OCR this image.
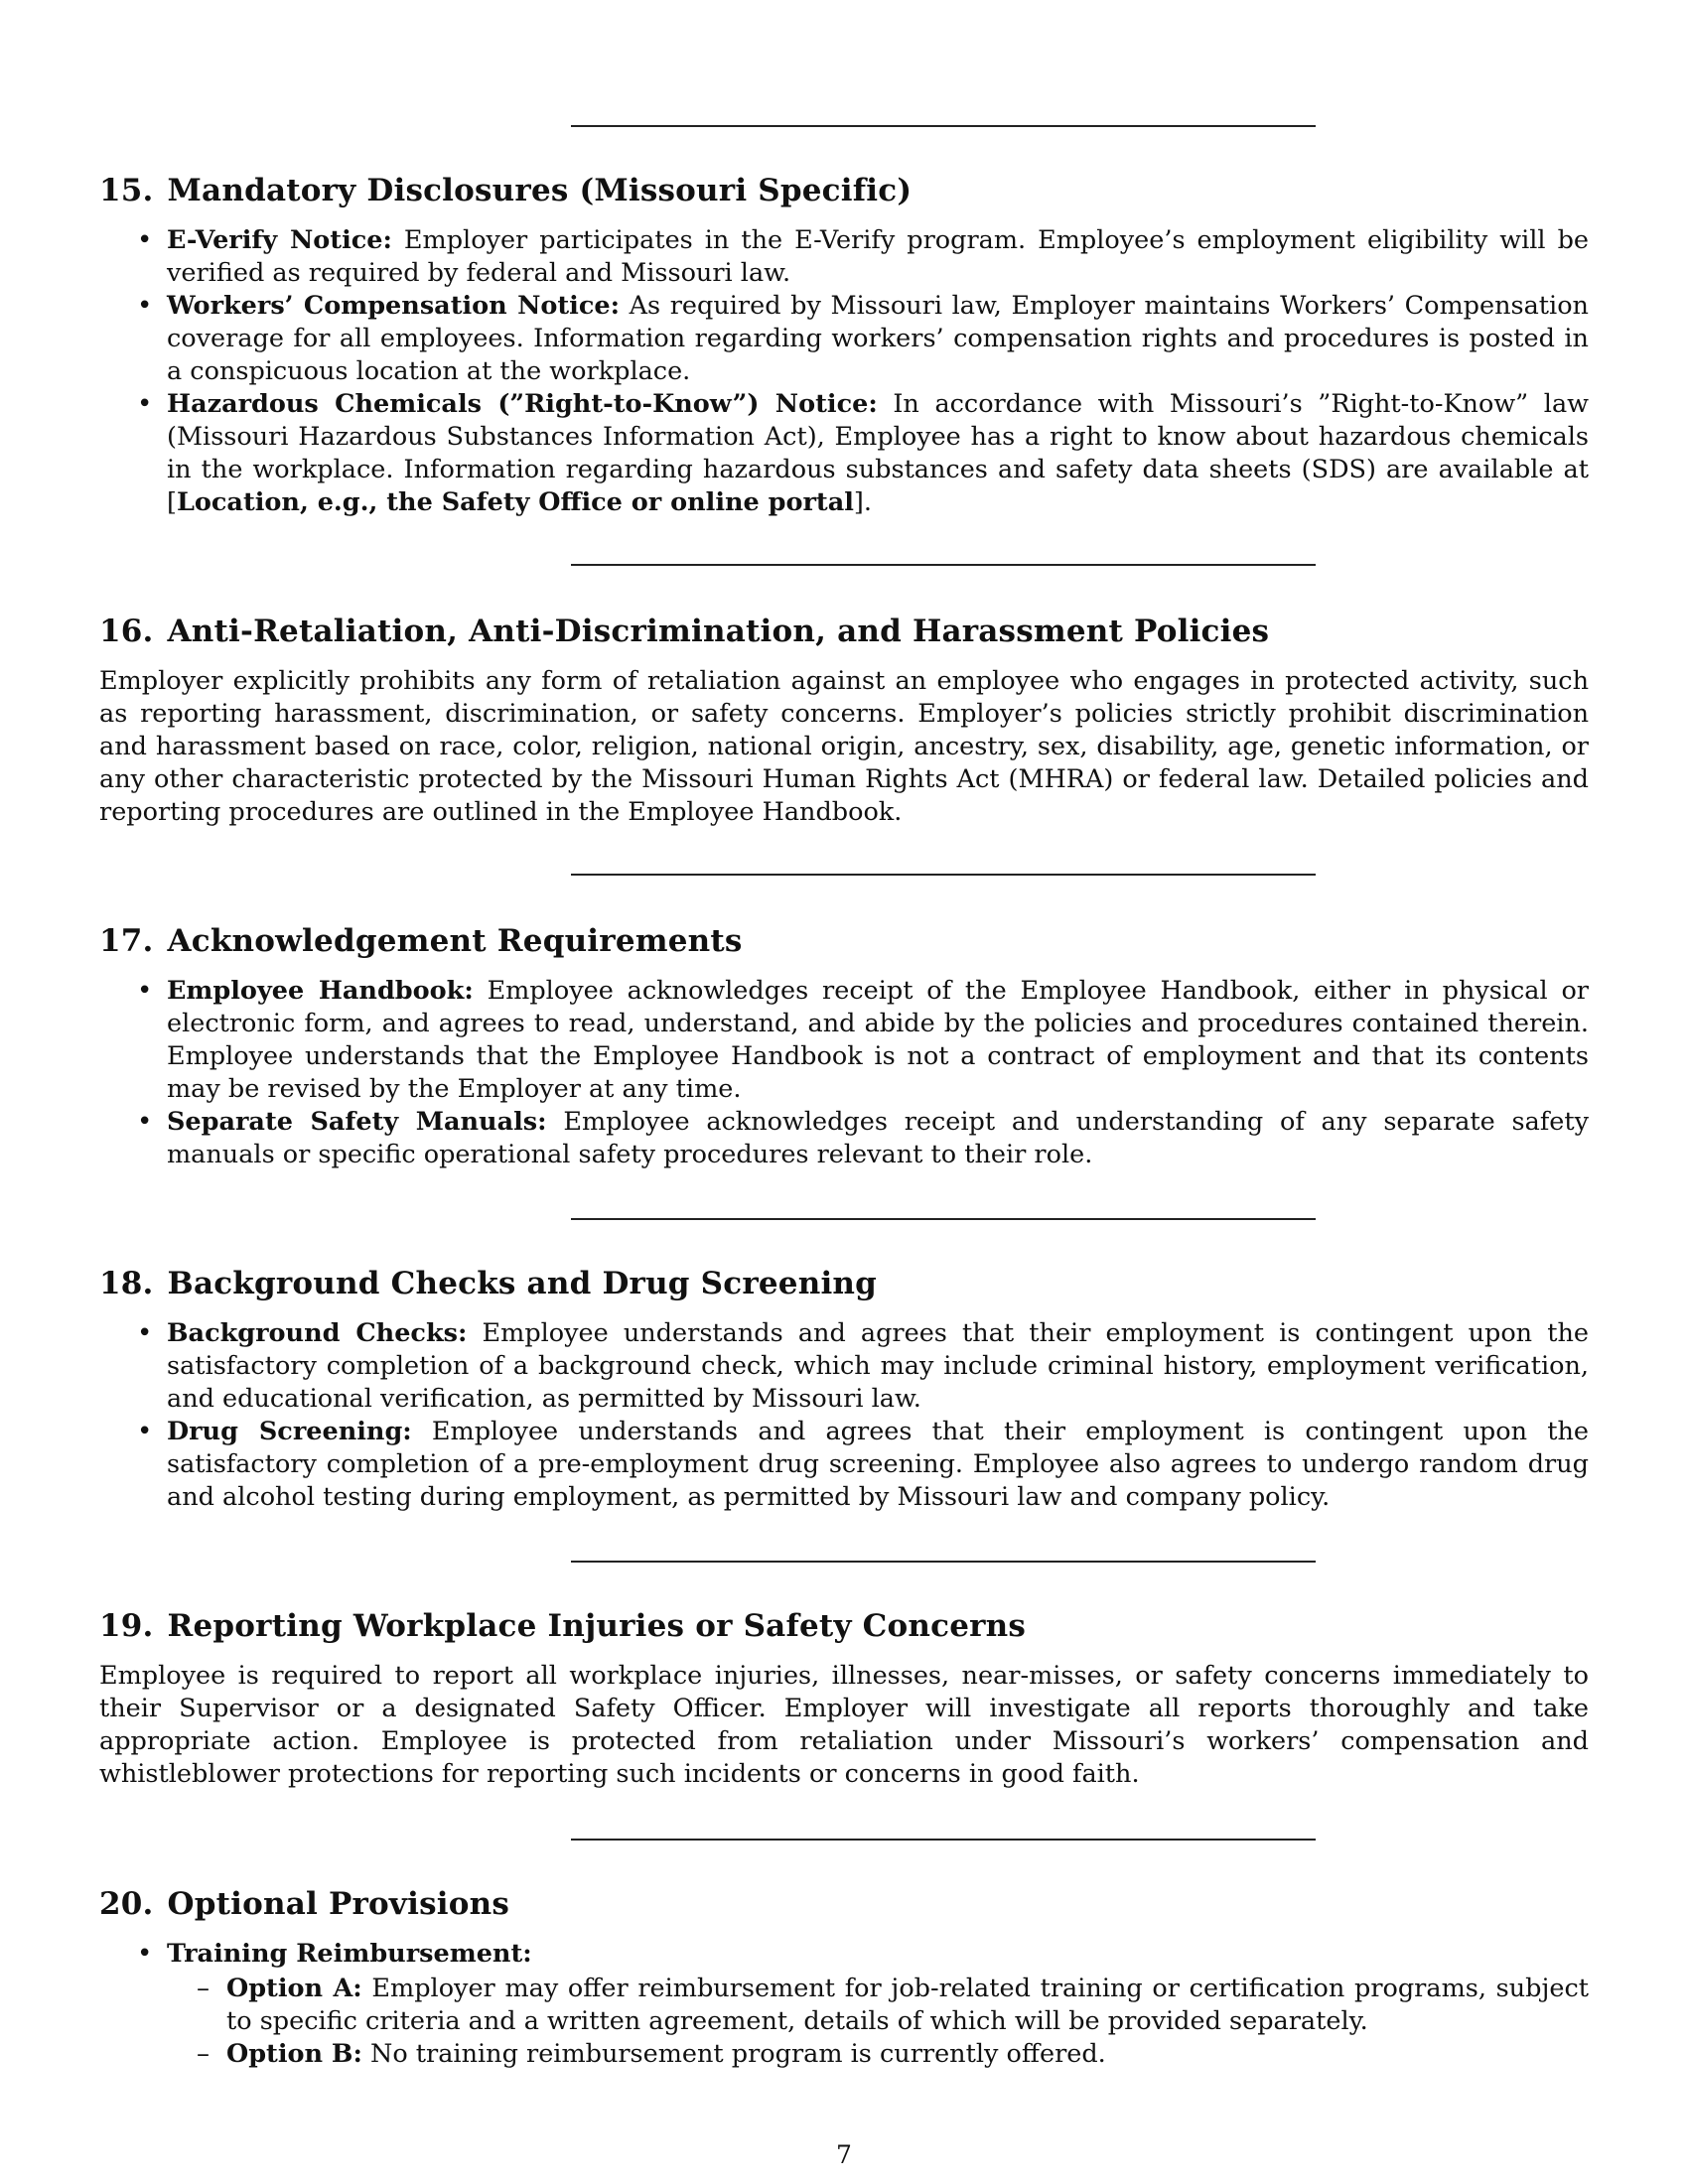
15. Mandatory Disclosures (Missouri Specific)
• E-Verify Notice: Employer participates in the E-Verify program. Employee’s employment eligibility will be verified as required by federal and Missouri law.
• Workers’ Compensation Notice: As required by Missouri law, Employer maintains Workers’ Compensation coverage for all employees. Information regarding workers’ compensation rights and procedures is posted in a conspicuous location at the workplace.
• Hazardous Chemicals (”Right-to-Know”) Notice: In accordance with Missouri’s ”Right-to-Know” law (Missouri Hazardous Substances Information Act), Employee has a right to know about hazardous chemicals in the workplace. Information regarding hazardous substances and safety data sheets (SDS) are available at [Location, e.g., the Safety Office or online portal].
16. Anti-Retaliation, Anti-Discrimination, and Harassment Policies

Employer explicitly prohibits any form of retaliation against an employee who engages in protected activity, such as reporting harassment, discrimination, or safety concerns. Employer’s policies strictly prohibit discrimination and harassment based on race, color, religion, national origin, ancestry, sex, disability, age, genetic information, or any other characteristic protected by the Missouri Human Rights Act (MHRA) or federal law. Detailed policies and reporting procedures are outlined in the Employee Handbook.

17. Acknowledgement Requirements
• Employee Handbook: Employee acknowledges receipt of the Employee Handbook, either in physical or electronic form, and agrees to read, understand, and abide by the policies and procedures contained therein. Employee understands that the Employee Handbook is not a contract of employment and that its contents may be revised by the Employer at any time.
• Separate Safety Manuals: Employee acknowledges receipt and understanding of any separate safety manuals or specific operational safety procedures relevant to their role.
18. Background Checks and Drug Screening
• Background Checks: Employee understands and agrees that their employment is contingent upon the satisfactory completion of a background check, which may include criminal history, employment verification, and educational verification, as permitted by Missouri law.
• Drug Screening: Employee understands and agrees that their employment is contingent upon the satisfactory completion of a pre-employment drug screening. Employee also agrees to undergo random drug and alcohol testing during employment, as permitted by Missouri law and company policy.
19. Reporting Workplace Injuries or Safety Concerns

Employee is required to report all workplace injuries, illnesses, near-misses, or safety concerns immediately to their Supervisor or a designated Safety Officer. Employer will investigate all reports thoroughly and take appropriate action. Employee is protected from retaliation under Missouri’s workers’ compensation and whistleblower protections for reporting such incidents or concerns in good faith.

20. Optional Provisions
• Training Reimbursement:
– Option A: Employer may offer reimbursement for job-related training or certification programs, subject to specific criteria and a written agreement, details of which will be provided separately.
– Option B: No training reimbursement program is currently offered.
7
